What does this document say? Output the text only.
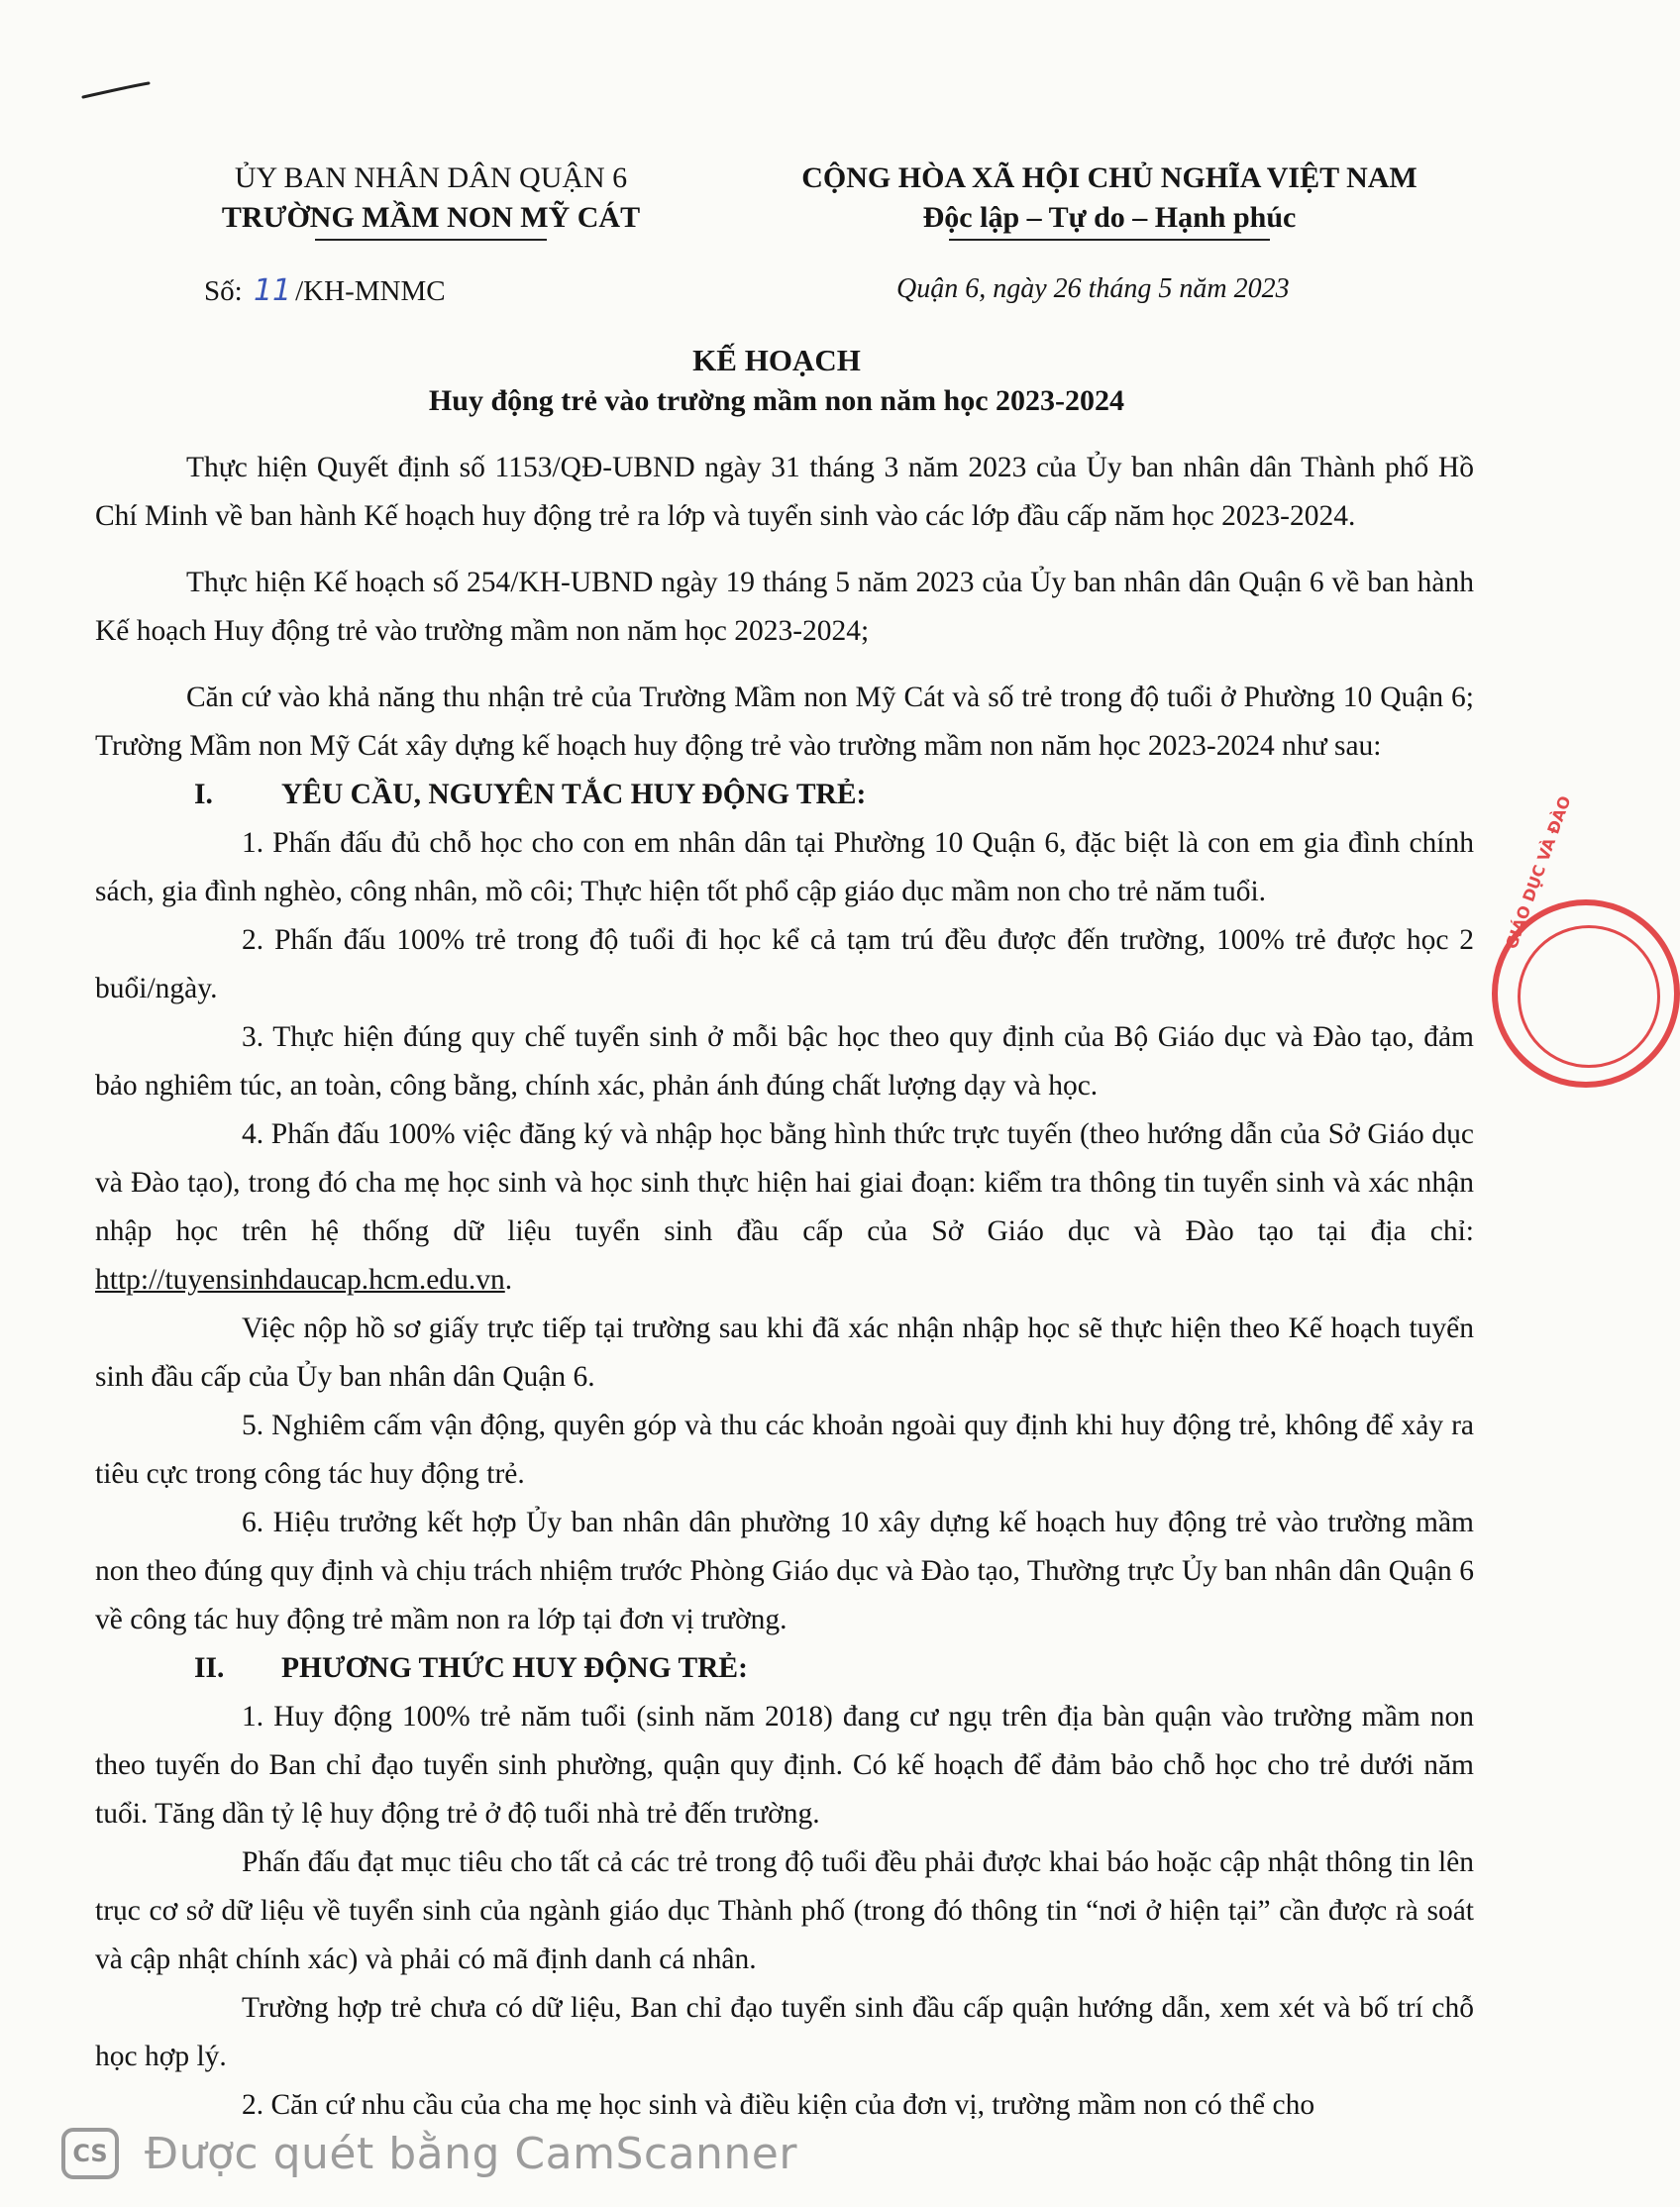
ỦY BAN NHÂN DÂN QUẬN 6
TRƯỜNG MẦM NON MỸ CÁT
CỘNG HÒA XÃ HỘI CHỦ NGHĨA VIỆT NAM
Độc lập – Tự do – Hạnh phúc
Số: 11 /KH-MNMC	Quận 6, ngày 26 tháng 5 năm 2023
KẾ HOẠCH
Huy động trẻ vào trường mầm non năm học 2023-2024

Thực hiện Quyết định số 1153/QĐ-UBND ngày 31 tháng 3 năm 2023 của Ủy ban nhân dân Thành phố Hồ Chí Minh về ban hành Kế hoạch huy động trẻ ra lớp và tuyển sinh vào các lớp đầu cấp năm học 2023-2024.

Thực hiện Kế hoạch số 254/KH-UBND ngày 19 tháng 5 năm 2023 của Ủy ban nhân dân Quận 6 về ban hành Kế hoạch Huy động trẻ vào trường mầm non năm học 2023-2024;

Căn cứ vào khả năng thu nhận trẻ của Trường Mầm non Mỹ Cát và số trẻ trong độ tuổi ở Phường 10 Quận 6; Trường Mầm non Mỹ Cát xây dựng kế hoạch huy động trẻ vào trường mầm non năm học 2023-2024 như sau:

I. YÊU CẦU, NGUYÊN TẮC HUY ĐỘNG TRẺ:

1. Phấn đấu đủ chỗ học cho con em nhân dân tại Phường 10 Quận 6, đặc biệt là con em gia đình chính sách, gia đình nghèo, công nhân, mồ côi; Thực hiện tốt phổ cập giáo dục mầm non cho trẻ năm tuổi.

2. Phấn đấu 100% trẻ trong độ tuổi đi học kể cả tạm trú đều được đến trường, 100% trẻ được học 2 buổi/ngày.

3. Thực hiện đúng quy chế tuyển sinh ở mỗi bậc học theo quy định của Bộ Giáo dục và Đào tạo, đảm bảo nghiêm túc, an toàn, công bằng, chính xác, phản ánh đúng chất lượng dạy và học.

4. Phấn đấu 100% việc đăng ký và nhập học bằng hình thức trực tuyến (theo hướng dẫn của Sở Giáo dục và Đào tạo), trong đó cha mẹ học sinh và học sinh thực hiện hai giai đoạn: kiểm tra thông tin tuyển sinh và xác nhận nhập học trên hệ thống dữ liệu tuyển sinh đầu cấp của Sở Giáo dục và Đào tạo tại địa chỉ: http://tuyensinhdaucap.hcm.edu.vn.

Việc nộp hồ sơ giấy trực tiếp tại trường sau khi đã xác nhận nhập học sẽ thực hiện theo Kế hoạch tuyển sinh đầu cấp của Ủy ban nhân dân Quận 6.

5. Nghiêm cấm vận động, quyên góp và thu các khoản ngoài quy định khi huy động trẻ, không để xảy ra tiêu cực trong công tác huy động trẻ.

6. Hiệu trưởng kết hợp Ủy ban nhân dân phường 10 xây dựng kế hoạch huy động trẻ vào trường mầm non theo đúng quy định và chịu trách nhiệm trước Phòng Giáo dục và Đào tạo, Thường trực Ủy ban nhân dân Quận 6 về công tác huy động trẻ mầm non ra lớp tại đơn vị trường.

II. PHƯƠNG THỨC HUY ĐỘNG TRẺ:

1. Huy động 100% trẻ năm tuổi (sinh năm 2018) đang cư ngụ trên địa bàn quận vào trường mầm non theo tuyến do Ban chỉ đạo tuyển sinh phường, quận quy định. Có kế hoạch để đảm bảo chỗ học cho trẻ dưới năm tuổi. Tăng dần tỷ lệ huy động trẻ ở độ tuổi nhà trẻ đến trường.

Phấn đấu đạt mục tiêu cho tất cả các trẻ trong độ tuổi đều phải được khai báo hoặc cập nhật thông tin lên trục cơ sở dữ liệu về tuyển sinh của ngành giáo dục Thành phố (trong đó thông tin “nơi ở hiện tại” cần được rà soát và cập nhật chính xác) và phải có mã định danh cá nhân.

Trường hợp trẻ chưa có dữ liệu, Ban chỉ đạo tuyển sinh đầu cấp quận hướng dẫn, xem xét và bố trí chỗ học hợp lý.

2. Căn cứ nhu cầu của cha mẹ học sinh và điều kiện của đơn vị, trường mầm non có thể cho

GIÁO DỤC VÀ ĐÀO
CS Được quét bằng CamScanner
